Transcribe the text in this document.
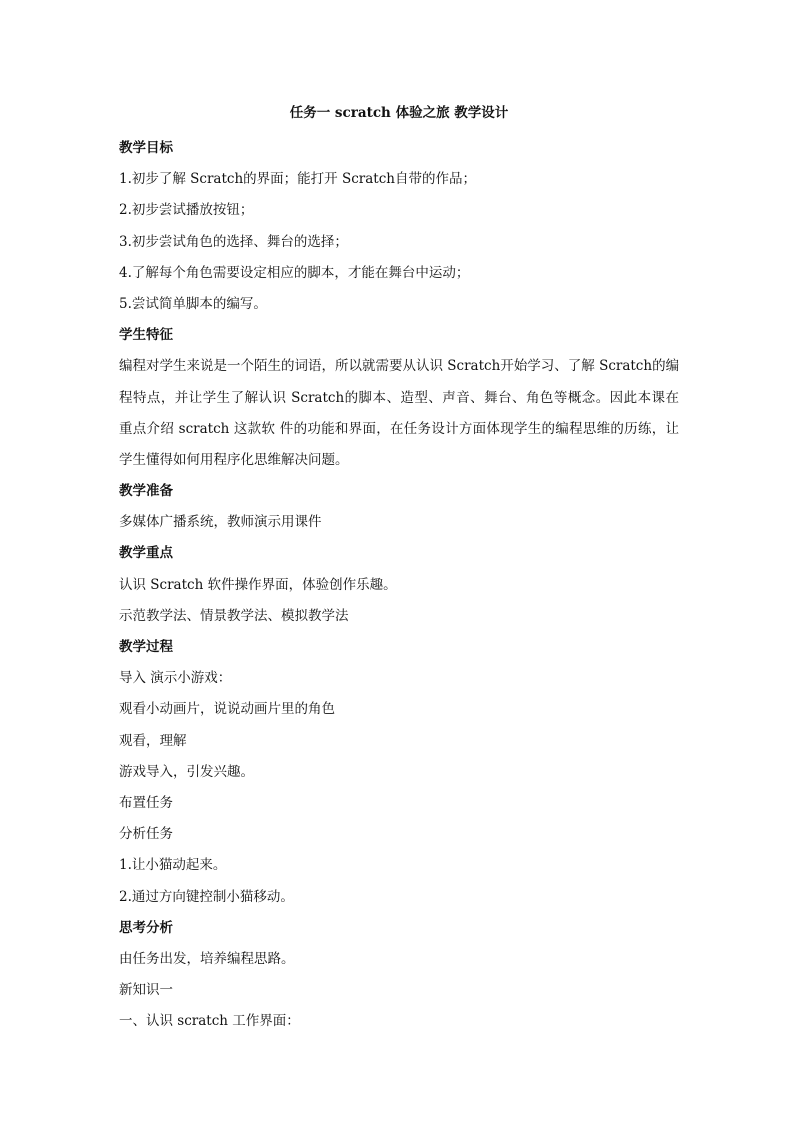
任务一 scratch 体验之旅 教学设计
教学目标
1.初步了解 Scratch的界面；能打开 Scratch自带的作品；
2.初步尝试播放按钮；
3.初步尝试角色的选择、舞台的选择；
4.了解每个角色需要设定相应的脚本，才能在舞台中运动；
5.尝试简单脚本的编写。
学生特征
编程对学生来说是一个陌生的词语，所以就需要从认识 Scratch开始学习、了解 Scratch的编
程特点，并让学生了解认识 Scratch的脚本、造型、声音、舞台、角色等概念。因此本课在
重点介绍 scratch 这款软 件的功能和界面，在任务设计方面体现学生的编程思维的历练，让
学生懂得如何用程序化思维解决问题。
教学准备
多媒体广播系统，教师演示用课件
教学重点
认识 Scratch 软件操作界面，体验创作乐趣。
示范教学法、情景教学法、模拟教学法
教学过程
导入 演示小游戏：
观看小动画片，说说动画片里的角色
观看，理解
游戏导入，引发兴趣。
布置任务
分析任务
1.让小猫动起来。
2.通过方向键控制小猫移动。
思考分析
由任务出发，培养编程思路。
新知识一
一、认识 scratch 工作界面：
